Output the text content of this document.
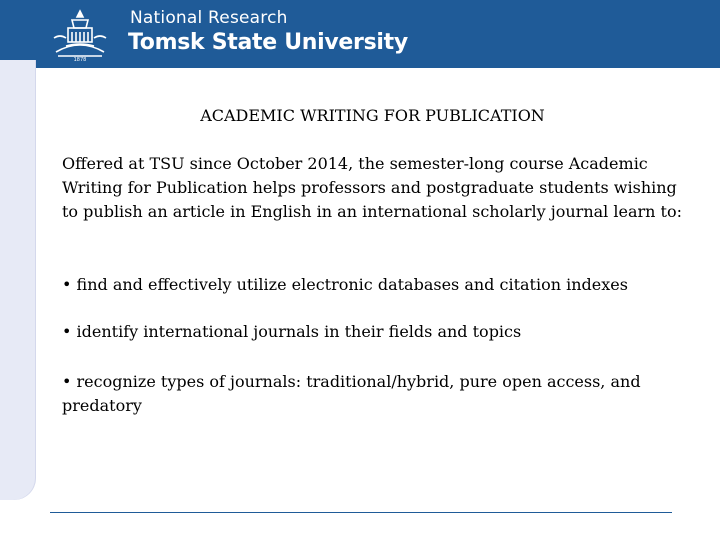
1878
National Research
Tomsk State University
ACADEMIC WRITING FOR PUBLICATION
Offered at TSU since October 2014, the semester-long course Academic Writing for Publication helps professors and postgraduate students wishing to publish an article in English in an international scholarly journal learn to:
• find and effectively utilize electronic databases and citation indexes
• identify international journals in their fields and topics
• recognize types of journals: traditional/hybrid, pure open access, and predatory
